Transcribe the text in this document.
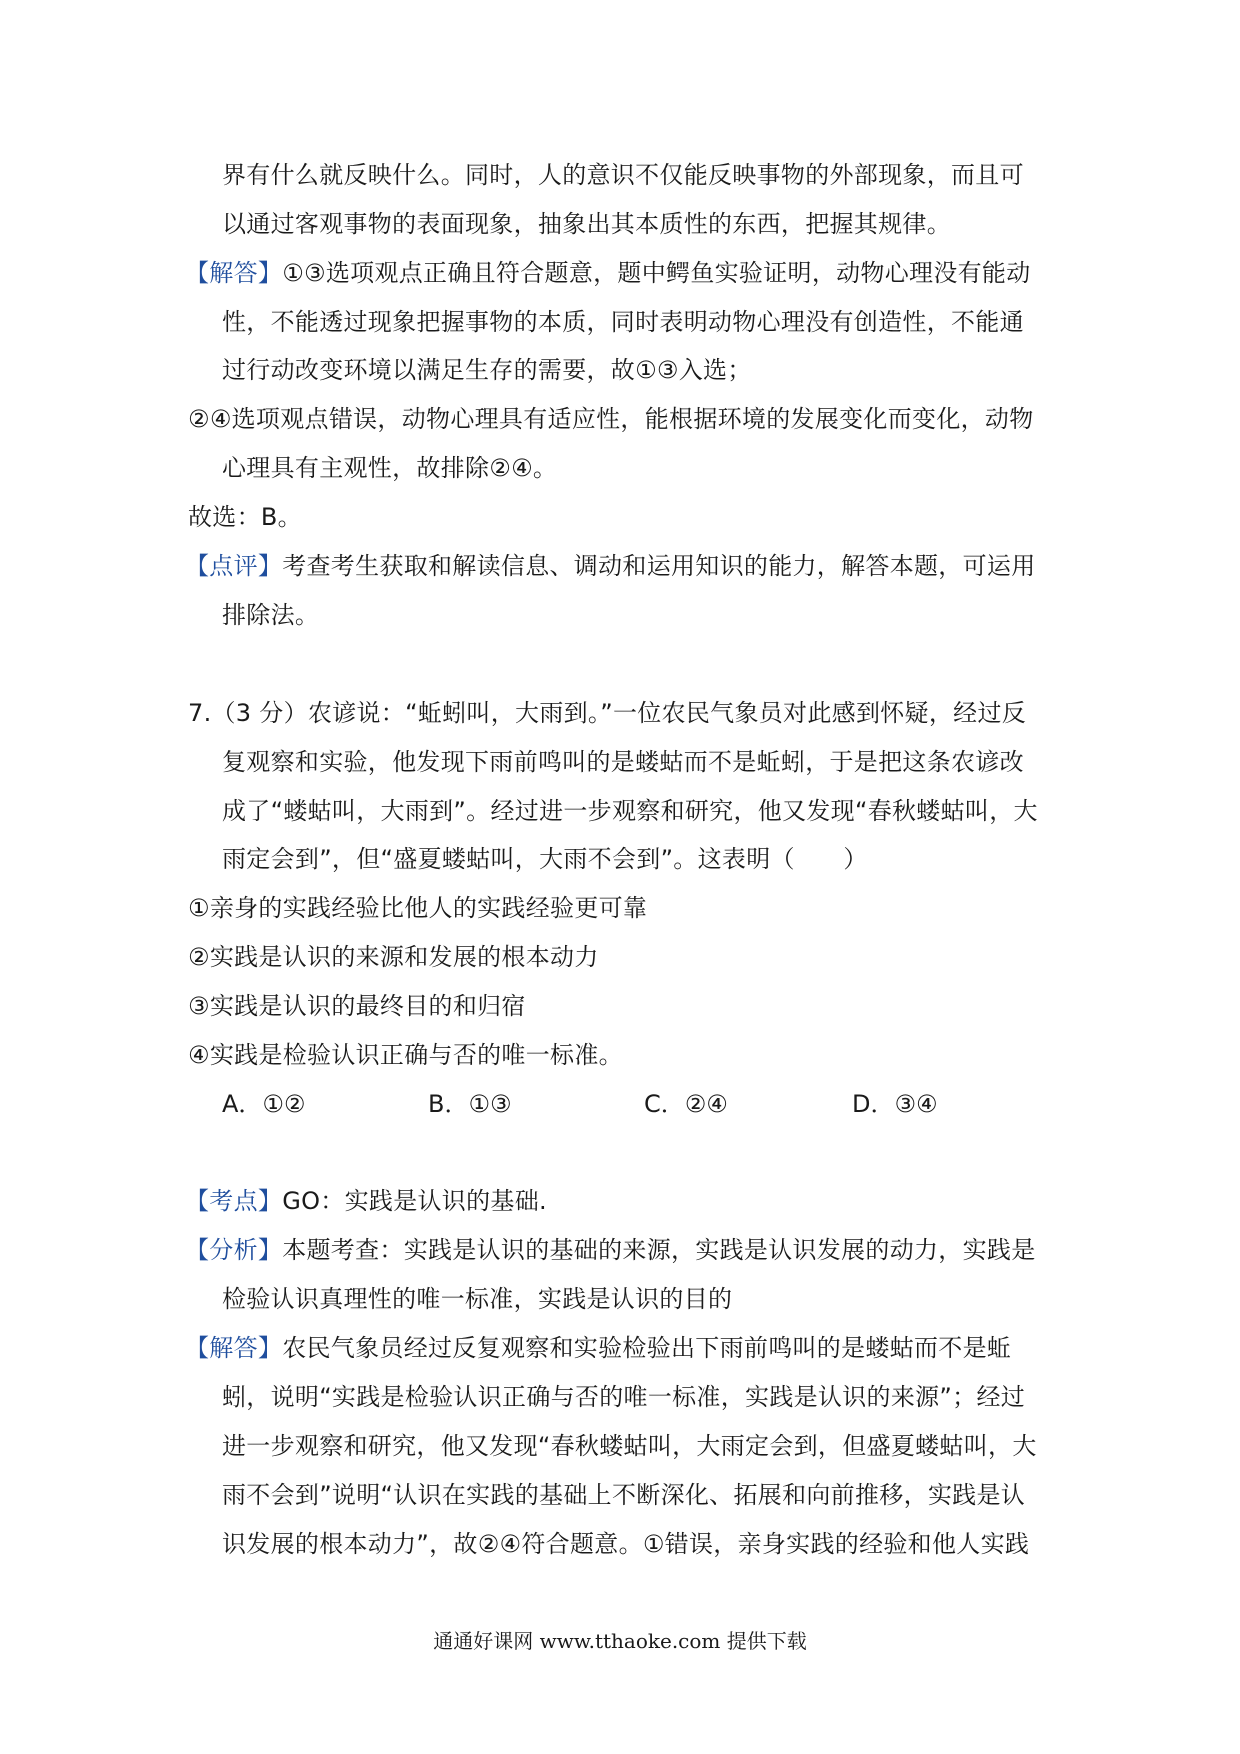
界有什么就反映什么。同时，人的意识不仅能反映事物的外部现象，而且可
以通过客观事物的表面现象，抽象出其本质性的东西，把握其规律。
【解答】①③选项观点正确且符合题意，题中鳄鱼实验证明，动物心理没有能动
性，不能透过现象把握事物的本质，同时表明动物心理没有创造性，不能通
过行动改变环境以满足生存的需要，故①③入选；
②④选项观点错误，动物心理具有适应性，能根据环境的发展变化而变化，动物
心理具有主观性，故排除②④。
故选：B。
【点评】考查考生获取和解读信息、调动和运用知识的能力，解答本题，可运用
排除法。
7.（3 分）农谚说：“蚯蚓叫，大雨到。”一位农民气象员对此感到怀疑，经过反
复观察和实验，他发现下雨前鸣叫的是蝼蛄而不是蚯蚓，于是把这条农谚改
成了“蝼蛄叫，大雨到”。经过进一步观察和研究，他又发现“春秋蝼蛄叫，大
雨定会到”，但“盛夏蝼蛄叫，大雨不会到”。这表明（　　）
①亲身的实践经验比他人的实践经验更可靠
②实践是认识的来源和发展的根本动力
③实践是认识的最终目的和归宿
④实践是检验认识正确与否的唯一标准。
A．①②	B．①③	C．②④	D．③④
【考点】GO：实践是认识的基础.
【分析】本题考查：实践是认识的基础的来源，实践是认识发展的动力，实践是
检验认识真理性的唯一标准，实践是认识的目的
【解答】农民气象员经过反复观察和实验检验出下雨前鸣叫的是蝼蛄而不是蚯
蚓，说明“实践是检验认识正确与否的唯一标准，实践是认识的来源”；经过
进一步观察和研究，他又发现“春秋蝼蛄叫，大雨定会到，但盛夏蝼蛄叫，大
雨不会到”说明“认识在实践的基础上不断深化、拓展和向前推移，实践是认
识发展的根本动力”，故②④符合题意。①错误，亲身实践的经验和他人实践
通通好课网 www.tthaoke.com 提供下载
